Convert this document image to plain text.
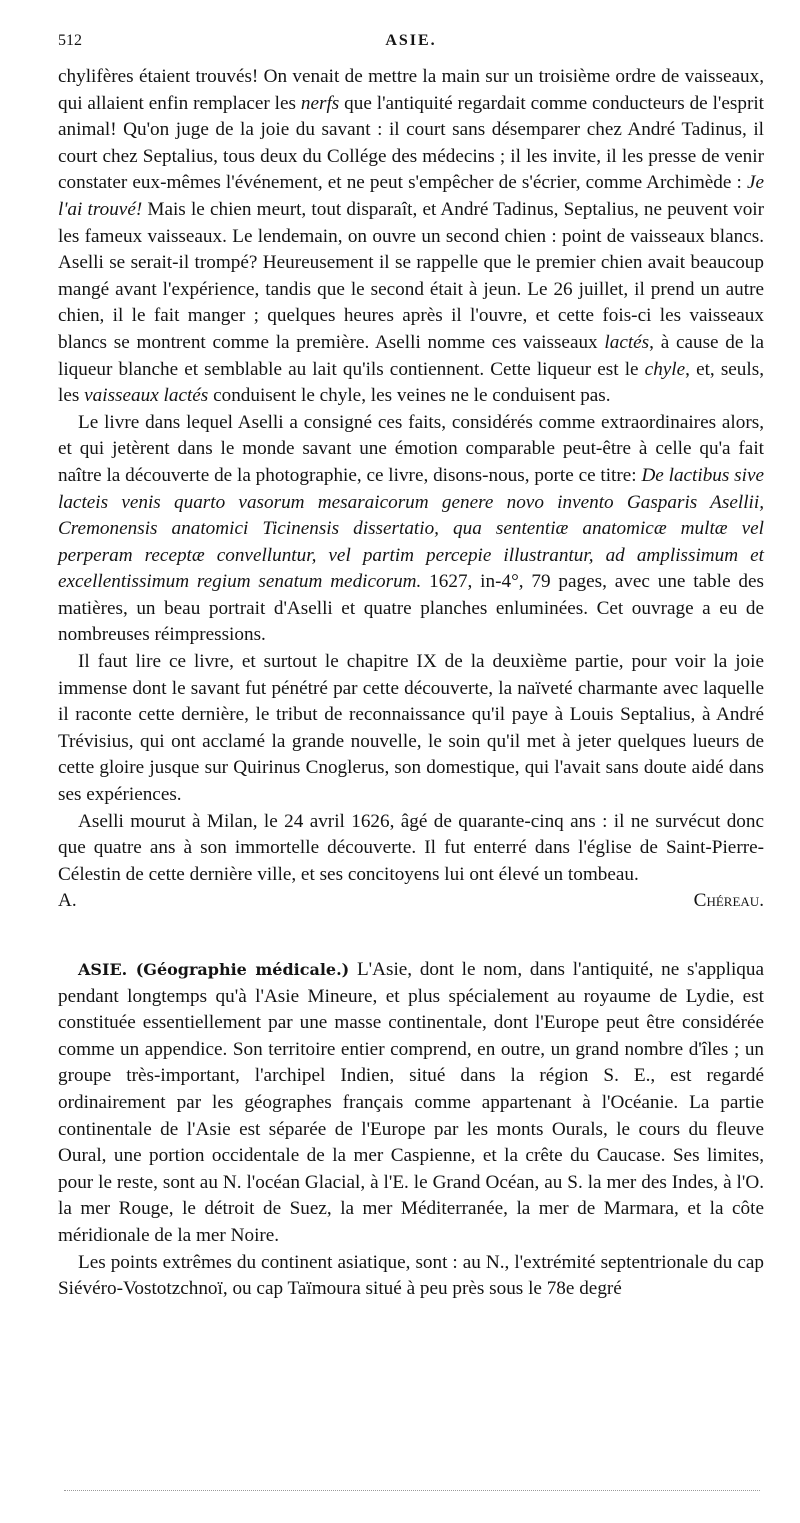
512	ASIE.

chylifères étaient trouvés! On venait de mettre la main sur un troisième ordre de vaisseaux, qui allaient enfin remplacer les nerfs que l'antiquité regardait comme conducteurs de l'esprit animal! Qu'on juge de la joie du savant : il court sans désemparer chez André Tadinus, il court chez Septalius, tous deux du Collége des médecins ; il les invite, il les presse de venir constater eux-mêmes l'événement, et ne peut s'empêcher de s'écrier, comme Archimède : Je l'ai trouvé! Mais le chien meurt, tout disparaît, et André Tadinus, Septalius, ne peuvent voir les fameux vaisseaux. Le lendemain, on ouvre un second chien : point de vaisseaux blancs. Aselli se serait-il trompé? Heureusement il se rappelle que le premier chien avait beaucoup mangé avant l'expérience, tandis que le second était à jeun. Le 26 juillet, il prend un autre chien, il le fait manger ; quelques heures après il l'ouvre, et cette fois-ci les vaisseaux blancs se montrent comme la première. Aselli nomme ces vaisseaux lactés, à cause de la liqueur blanche et semblable au lait qu'ils contiennent. Cette liqueur est le chyle, et, seuls, les vaisseaux lactés conduisent le chyle, les veines ne le conduisent pas.

Le livre dans lequel Aselli a consigné ces faits, considérés comme extraordinaires alors, et qui jetèrent dans le monde savant une émotion comparable peut-être à celle qu'a fait naître la découverte de la photographie, ce livre, disons-nous, porte ce titre: De lactibus sive lacteis venis quarto vasorum mesaraicorum genere novo invento Gasparis Asellii, Cremonensis anatomici Ticinensis dissertatio, qua sententiæ anatomicæ multæ vel perperam receptæ convelluntur, vel partim percepie illustrantur, ad amplissimum et excellentissimum regium senatum medicorum. 1627, in-4°, 79 pages, avec une table des matières, un beau portrait d'Aselli et quatre planches enluminées. Cet ouvrage a eu de nombreuses réimpressions.

Il faut lire ce livre, et surtout le chapitre IX de la deuxième partie, pour voir la joie immense dont le savant fut pénétré par cette découverte, la naïveté charmante avec laquelle il raconte cette dernière, le tribut de reconnaissance qu'il paye à Louis Septalius, à André Trévisius, qui ont acclamé la grande nouvelle, le soin qu'il met à jeter quelques lueurs de cette gloire jusque sur Quirinus Cnoglerus, son domestique, qui l'avait sans doute aidé dans ses expériences.

Aselli mourut à Milan, le 24 avril 1626, âgé de quarante-cinq ans : il ne survécut donc que quatre ans à son immortelle découverte. Il fut enterré dans l'église de Saint-Pierre-Célestin de cette dernière ville, et ses concitoyens lui ont élevé un tombeau.

A. Chéreau.

ASIE. (Géographie médicale.) L'Asie, dont le nom, dans l'antiquité, ne s'appliqua pendant longtemps qu'à l'Asie Mineure, et plus spécialement au royaume de Lydie, est constituée essentiellement par une masse continentale, dont l'Europe peut être considérée comme un appendice. Son territoire entier comprend, en outre, un grand nombre d'îles ; un groupe très-important, l'archipel Indien, situé dans la région S. E., est regardé ordinairement par les géographes français comme appartenant à l'Océanie. La partie continentale de l'Asie est séparée de l'Europe par les monts Ourals, le cours du fleuve Oural, une portion occidentale de la mer Caspienne, et la crête du Caucase. Ses limites, pour le reste, sont au N. l'océan Glacial, à l'E. le Grand Océan, au S. la mer des Indes, à l'O. la mer Rouge, le détroit de Suez, la mer Méditerranée, la mer de Marmara, et la côte méridionale de la mer Noire.

Les points extrêmes du continent asiatique, sont : au N., l'extrémité septentrionale du cap Siévéro-Vostotzchnoï, ou cap Taïmoura situé à peu près sous le 78e degré
